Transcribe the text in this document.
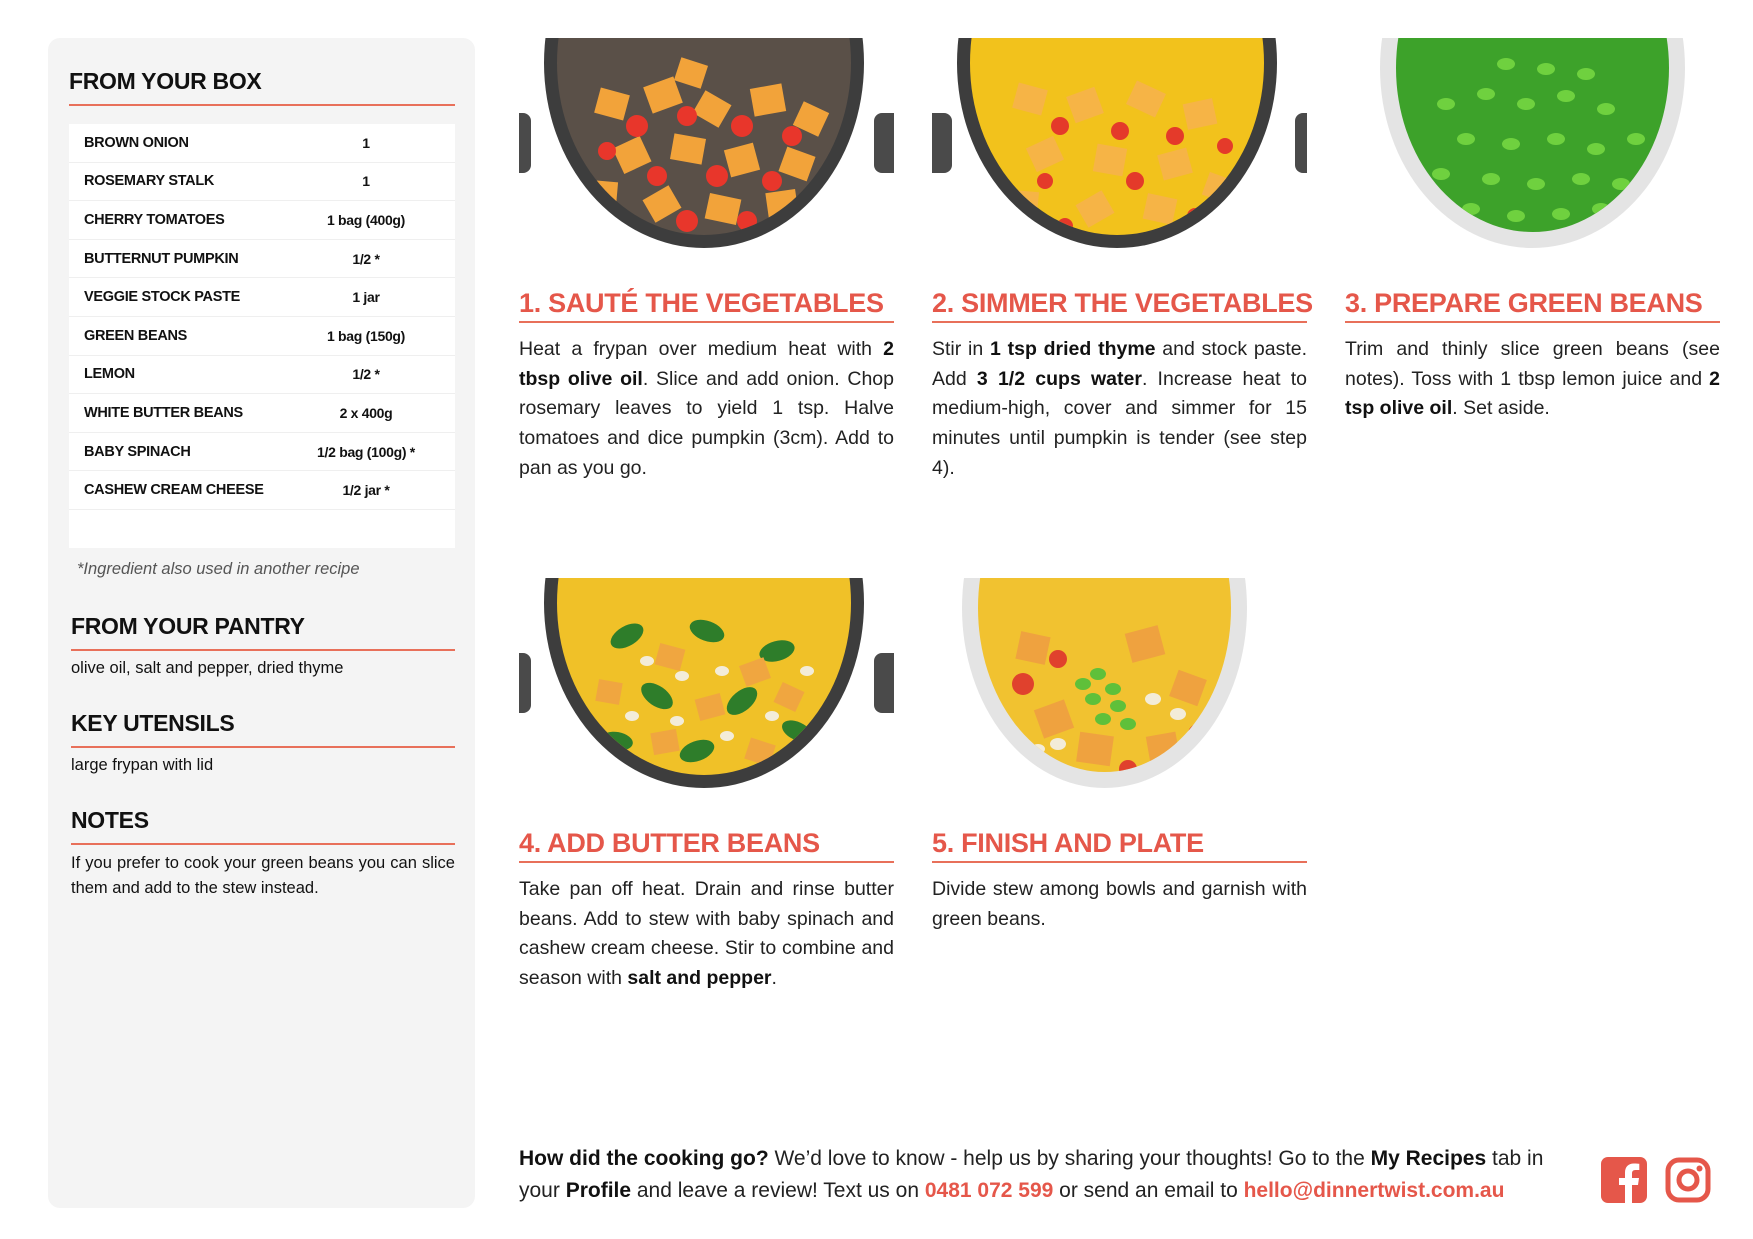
FROM YOUR BOX
BROWN ONION	1
ROSEMARY STALK	1
CHERRY TOMATOES	1 bag (400g)
BUTTERNUT PUMPKIN	1/2 *
VEGGIE STOCK PASTE	1 jar
GREEN BEANS	1 bag (150g)
LEMON	1/2 *
WHITE BUTTER BEANS	2 x 400g
BABY SPINACH	1/2 bag (100g) *
CASHEW CREAM CHEESE	1/2 jar *
*Ingredient also used in another recipe
FROM YOUR PANTRY
olive oil, salt and pepper, dried thyme
KEY UTENSILS
large frypan with lid
NOTES
If you prefer to cook your green beans you can slice them and add to the stew instead.
1. SAUTÉ THE VEGETABLES
Heat a frypan over medium heat with 2 tbsp olive oil. Slice and add onion. Chop rosemary leaves to yield 1 tsp. Halve tomatoes and dice pumpkin (3cm). Add to pan as you go.
2. SIMMER THE VEGETABLES
Stir in 1 tsp dried thyme and stock paste. Add 3 1/2 cups water. Increase heat to medium-high, cover and simmer for 15 minutes until pumpkin is tender (see step 4).
3. PREPARE GREEN BEANS
Trim and thinly slice green beans (see notes). Toss with 1 tbsp lemon juice and 2 tsp olive oil. Set aside.
4. ADD BUTTER BEANS
Take pan off heat. Drain and rinse butter beans. Add to stew with baby spinach and cashew cream cheese. Stir to combine and season with salt and pepper.
5. FINISH AND PLATE
Divide stew among bowls and garnish with green beans.
How did the cooking go? We’d love to know - help us by sharing your thoughts! Go to the My Recipes tab in your Profile and leave a review! Text us on 0481 072 599 or send an email to hello@dinnertwist.com.au
